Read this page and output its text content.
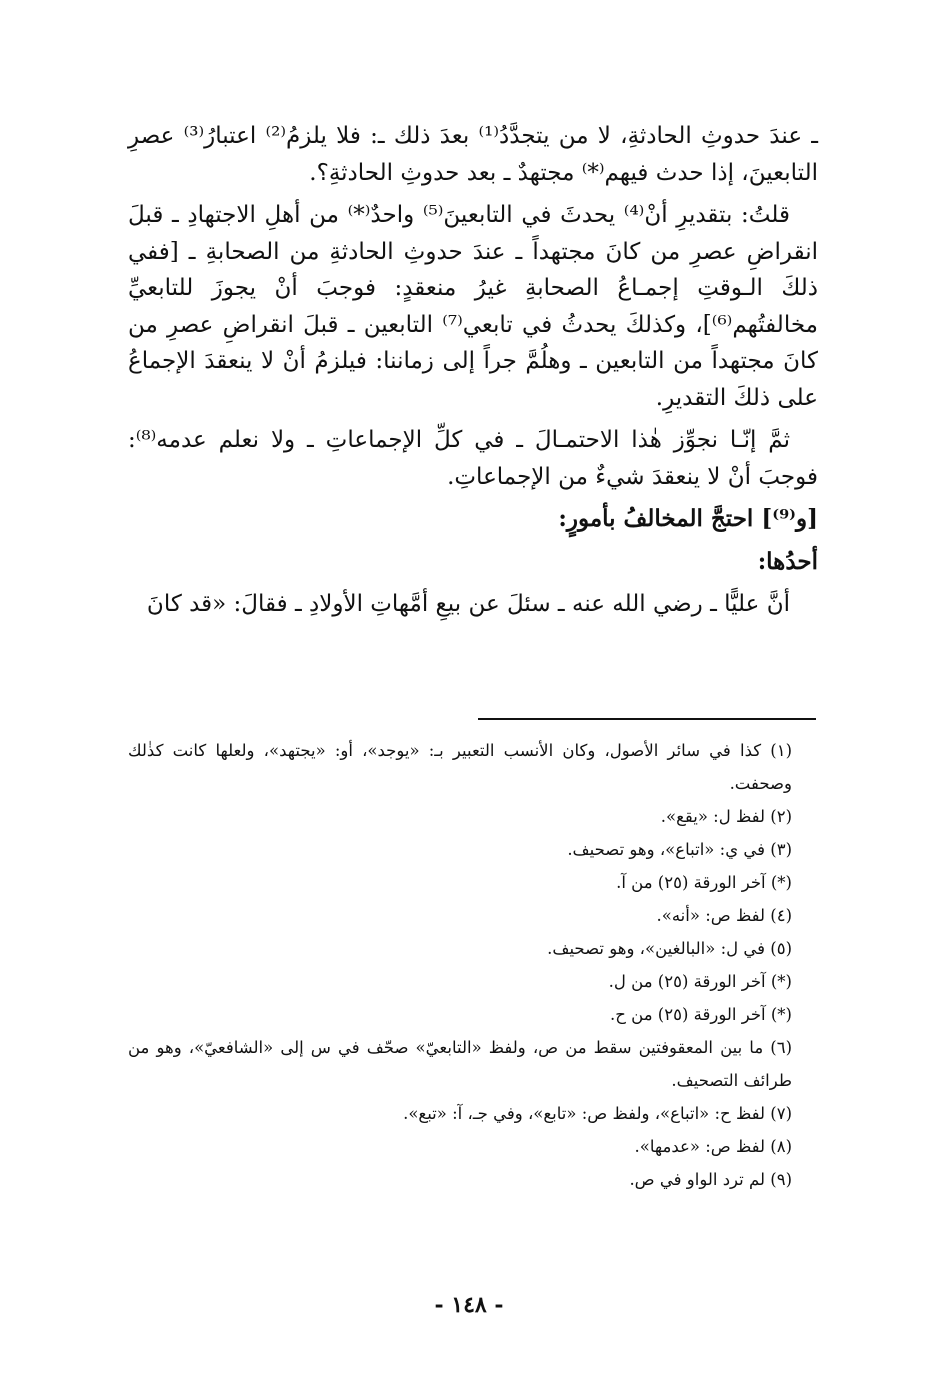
ـ عندَ حدوثِ الحادثةِ، لا من يتجدَّدُ⁽¹⁾ بعدَ ذلك ـ: فلا يلزمُ⁽²⁾ اعتبارُ⁽³⁾ عصرِ التابعينَ، إذا حدث فيهم⁽*⁾ مجتهدٌ ـ بعد حدوثِ الحادثةِ؟.

قلتُ: بتقديرِ أنْ⁽⁴⁾ يحدثَ في التابعينَ⁽⁵⁾ واحدٌ⁽*⁾ من أهلِ الاجتهادِ ـ قبلَ انقراضِ عصرِ من كانَ مجتهداً ـ عندَ حدوثِ الحادثةِ من الصحابةِ ـ [ففي ذلكَ الـوقتِ إجمـاعُ الصحابةِ غيرُ منعقدٍ: فوجبَ أنْ يجوزَ للتابعيِّ مخالفتُهم⁽⁶⁾]، وكذلكَ يحدثُ في تابعي⁽⁷⁾ التابعين ـ قبلَ انقراضِ عصرِ من كانَ مجتهداً من التابعين ـ وهلُمَّ جراً إلى زماننا: فيلزمُ أنْ لا ينعقدَ الإجماعُ على ذلكَ التقديرِ.

ثمَّ إنّـا نجوِّز هٰذا الاحتمـالَ ـ في كلِّ الإجماعاتِ ـ ولا نعلم عدمه⁽⁸⁾: فوجبَ أنْ لا ينعقدَ شيءٌ من الإجماعاتِ.

[و⁽⁹⁾] احتجَّ المخالفُ بأمورٍ:

أحدُها:

أنَّ عليًّا ـ رضي الله عنه ـ سئلَ عن بيعِ أمَّهاتِ الأولادِ ـ فقالَ: «قد كانَ

(١) كذا في سائر الأصول، وكان الأنسب التعبير بـ: «يوجد»، أو: «يجتهد»، ولعلها كانت كذٰلك وصحفت.

(٢) لفظ ل: «يقع».

(٣) في ي: «اتباع»، وهو تصحيف.

(*) آخر الورقة (٢٥) من آ.

(٤) لفظ ص: «أنه».

(٥) في ل: «البالغين»، وهو تصحيف.

(*) آخر الورقة (٢٥) من ل.

(*) آخر الورقة (٢٥) من ح.

(٦) ما بين المعقوفتين سقط من ص، ولفظ «التابعيّ» صحّف في س إلى «الشافعيّ»، وهو من طرائف التصحيف.

(٧) لفظ ح: «اتباع»، ولفظ ص: «تابع»، وفي جـ، آ: «تبع».

(٨) لفظ ص: «عدمها».

(٩) لم ترد الواو في ص.

- ١٤٨ -
